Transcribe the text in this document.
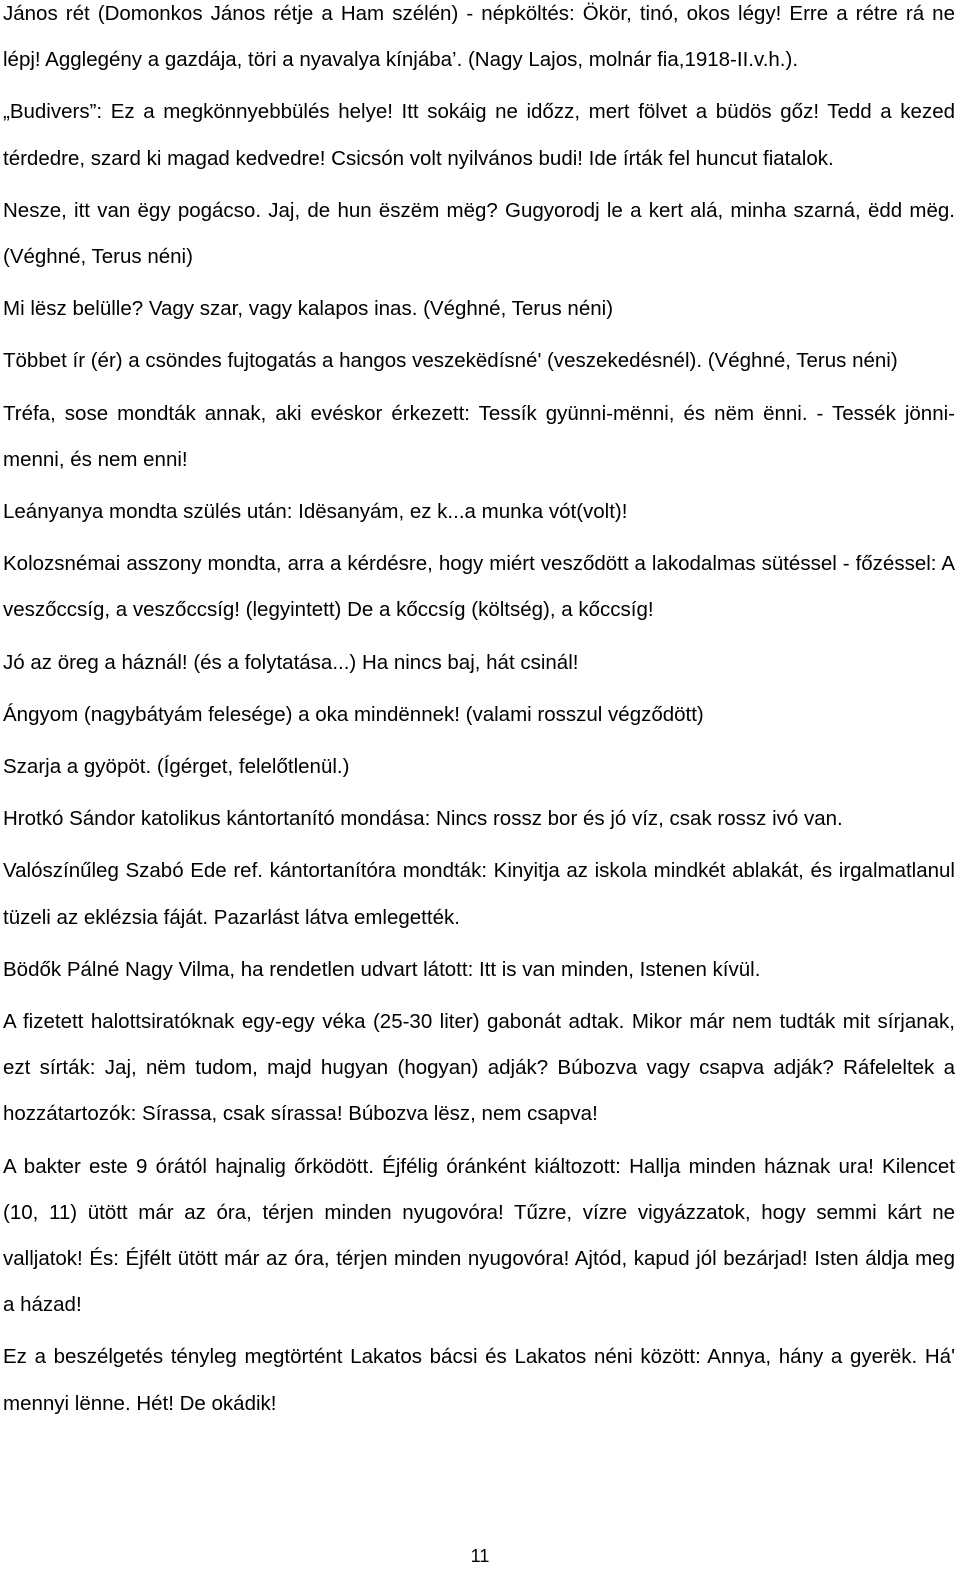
János rét (Domonkos János rétje a Ham szélén) - népköltés: Ökör, tinó, okos légy! Erre a rétre rá ne lépj! Agglegény a gazdája, töri a nyavalya kínjába’. (Nagy Lajos, molnár fia,1918-II.v.h.).

„Budivers”: Ez a megkönnyebbülés helye! Itt sokáig ne időzz, mert fölvet a büdös gőz! Tedd a kezed térdedre, szard ki magad kedvedre! Csicsón volt nyilvános budi! Ide írták fel huncut fiatalok.

Nesze, itt van ëgy pogácso. Jaj, de hun ëszëm mëg? Gugyorodj le a kert alá, minha szarná, ëdd mëg. (Véghné, Terus néni)

Mi lësz belülle? Vagy szar, vagy kalapos inas. (Véghné, Terus néni)

Többet ír (ér) a csöndes fujtogatás a hangos veszekëdísné' (veszekedésnél). (Véghné, Terus néni)

Tréfa, sose mondták annak, aki evéskor érkezett: Tessík gyünni-mënni, és nëm ënni. - Tessék jönni-menni, és nem enni!

Leányanya mondta szülés után: Idësanyám, ez k...a munka vót(volt)!

Kolozsnémai asszony mondta, arra a kérdésre, hogy miért vesződött a lakodalmas sütéssel - főzéssel: A veszőccsíg, a veszőccsíg! (legyintett) De a kőccsíg (költség), a kőccsíg!

Jó az öreg a háznál! (és a folytatása...) Ha nincs baj, hát csinál!

Ángyom (nagybátyám felesége) a oka mindënnek! (valami rosszul végződött)

Szarja a gyöpöt. (Ígérget, felelőtlenül.)

Hrotkó Sándor katolikus kántortanító mondása: Nincs rossz bor és jó víz, csak rossz ivó van.

Valószínűleg Szabó Ede ref. kántortanítóra mondták: Kinyitja az iskola mindkét ablakát, és irgalmatlanul tüzeli az eklézsia fáját. Pazarlást látva emlegették.

Bödők Pálné Nagy Vilma, ha rendetlen udvart látott: Itt is van minden, Istenen kívül.

A fizetett halottsiratóknak egy-egy véka (25-30 liter) gabonát adtak. Mikor már nem tudták mit sírjanak, ezt sírták: Jaj, nëm tudom, majd hugyan (hogyan) adják? Búbozva vagy csapva adják? Ráfeleltek a hozzátartozók: Sírassa, csak sírassa! Búbozva lësz, nem csapva!

A bakter este 9 órától hajnalig őrködött. Éjfélig óránként kiáltozott: Hallja minden háznak ura! Kilencet (10, 11) ütött már az óra, térjen minden nyugovóra! Tűzre, vízre vigyázzatok, hogy semmi kárt ne valljatok! És: Éjfélt ütött már az óra, térjen minden nyugovóra! Ajtód, kapud jól bezárjad! Isten áldja meg a házad!

Ez a beszélgetés tényleg megtörtént Lakatos bácsi és Lakatos néni között: Annya, hány a gyerëk. Há' mennyi lënne. Hét! De okádik!

11
